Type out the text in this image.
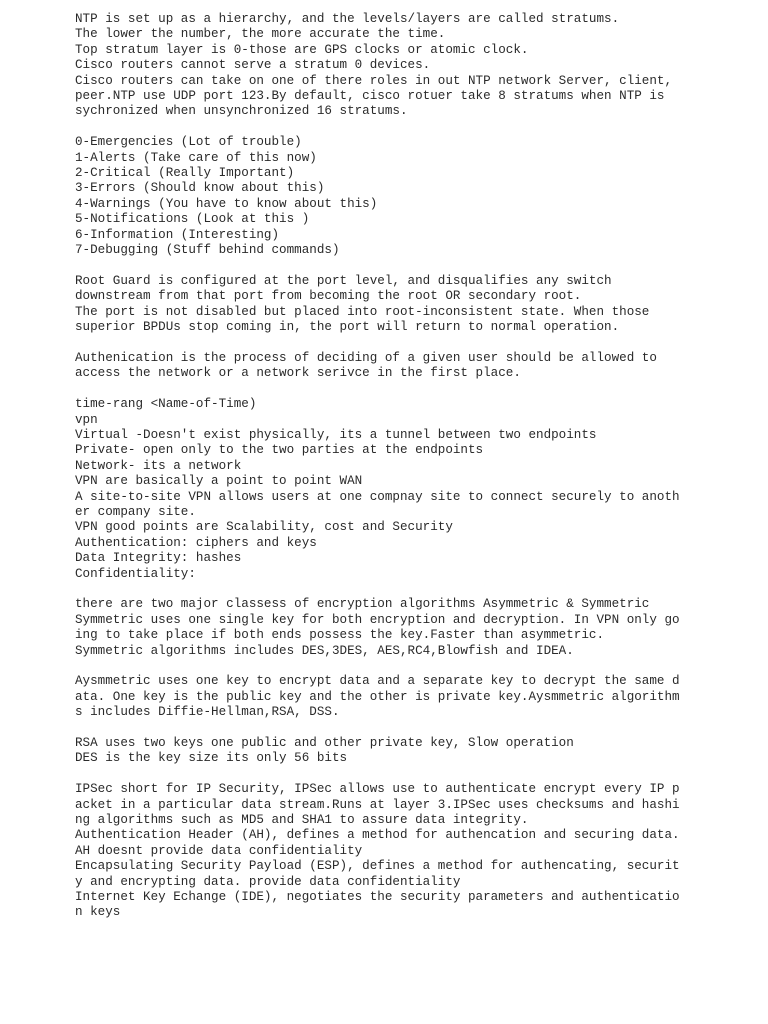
NTP is set up as a hierarchy, and the levels/layers are called stratums.
The lower the number, the more accurate the time.
Top stratum layer is 0-those are GPS clocks or atomic clock.
Cisco routers cannot serve a stratum 0 devices.
Cisco routers can take on one of there roles in out NTP network Server, client,
peer.NTP use UDP port 123.By default, cisco rotuer take 8 stratums when NTP is
sychronized when unsynchronized 16 stratums.
0-Emergencies (Lot of trouble)
1-Alerts (Take care of this now)
2-Critical (Really Important)
3-Errors (Should know about this)
4-Warnings (You have to know about this)
5-Notifications (Look at this )
6-Information (Interesting)
7-Debugging (Stuff behind commands)
Root Guard is configured at the port level, and disqualifies any switch
downstream from that port from becoming the root OR secondary root.
The port is not disabled but placed into root-inconsistent state. When those
superior BPDUs stop coming in, the port will return to normal operation.
Authenication is the process of deciding of a given user should be allowed to
access the network or a network serivce in the first place.
time-rang <Name-of-Time)
vpn
Virtual -Doesn't exist physically, its a tunnel between two endpoints
Private- open only to the two parties at the endpoints
Network- its a network
VPN are basically a point to point WAN
A site-to-site VPN allows users at one compnay site to connect securely to anoth
er company site.
VPN good points are Scalability, cost and Security
Authentication: ciphers and keys
Data Integrity: hashes
Confidentiality:
there are two major classess of encryption algorithms Asymmetric & Symmetric
Symmetric uses one single key for both encryption and decryption. In VPN only go
ing to take place if both ends possess the key.Faster than asymmetric.
Symmetric algorithms includes DES,3DES, AES,RC4,Blowfish and IDEA.
Aysmmetric uses one key to encrypt data and a separate key to decrypt the same d
ata. One key is the public key and the other is private key.Aysmmetric algorithm
s includes Diffie-Hellman,RSA, DSS.
RSA uses two keys one public and other private key, Slow operation
DES is the key size its only 56 bits
IPSec short for IP Security, IPSec allows use to authenticate encrypt every IP p
acket in a particular data stream.Runs at layer 3.IPSec uses checksums and hashi
ng algorithms such as MD5 and SHA1 to assure data integrity.
Authentication Header (AH), defines a method for authencation and securing data.
AH doesnt provide data confidentiality
Encapsulating Security Payload (ESP), defines a method for authencating, securit
y and encrypting data. provide data confidentiality
Internet Key Echange (IDE), negotiates the security parameters and authenticatio
n keys
